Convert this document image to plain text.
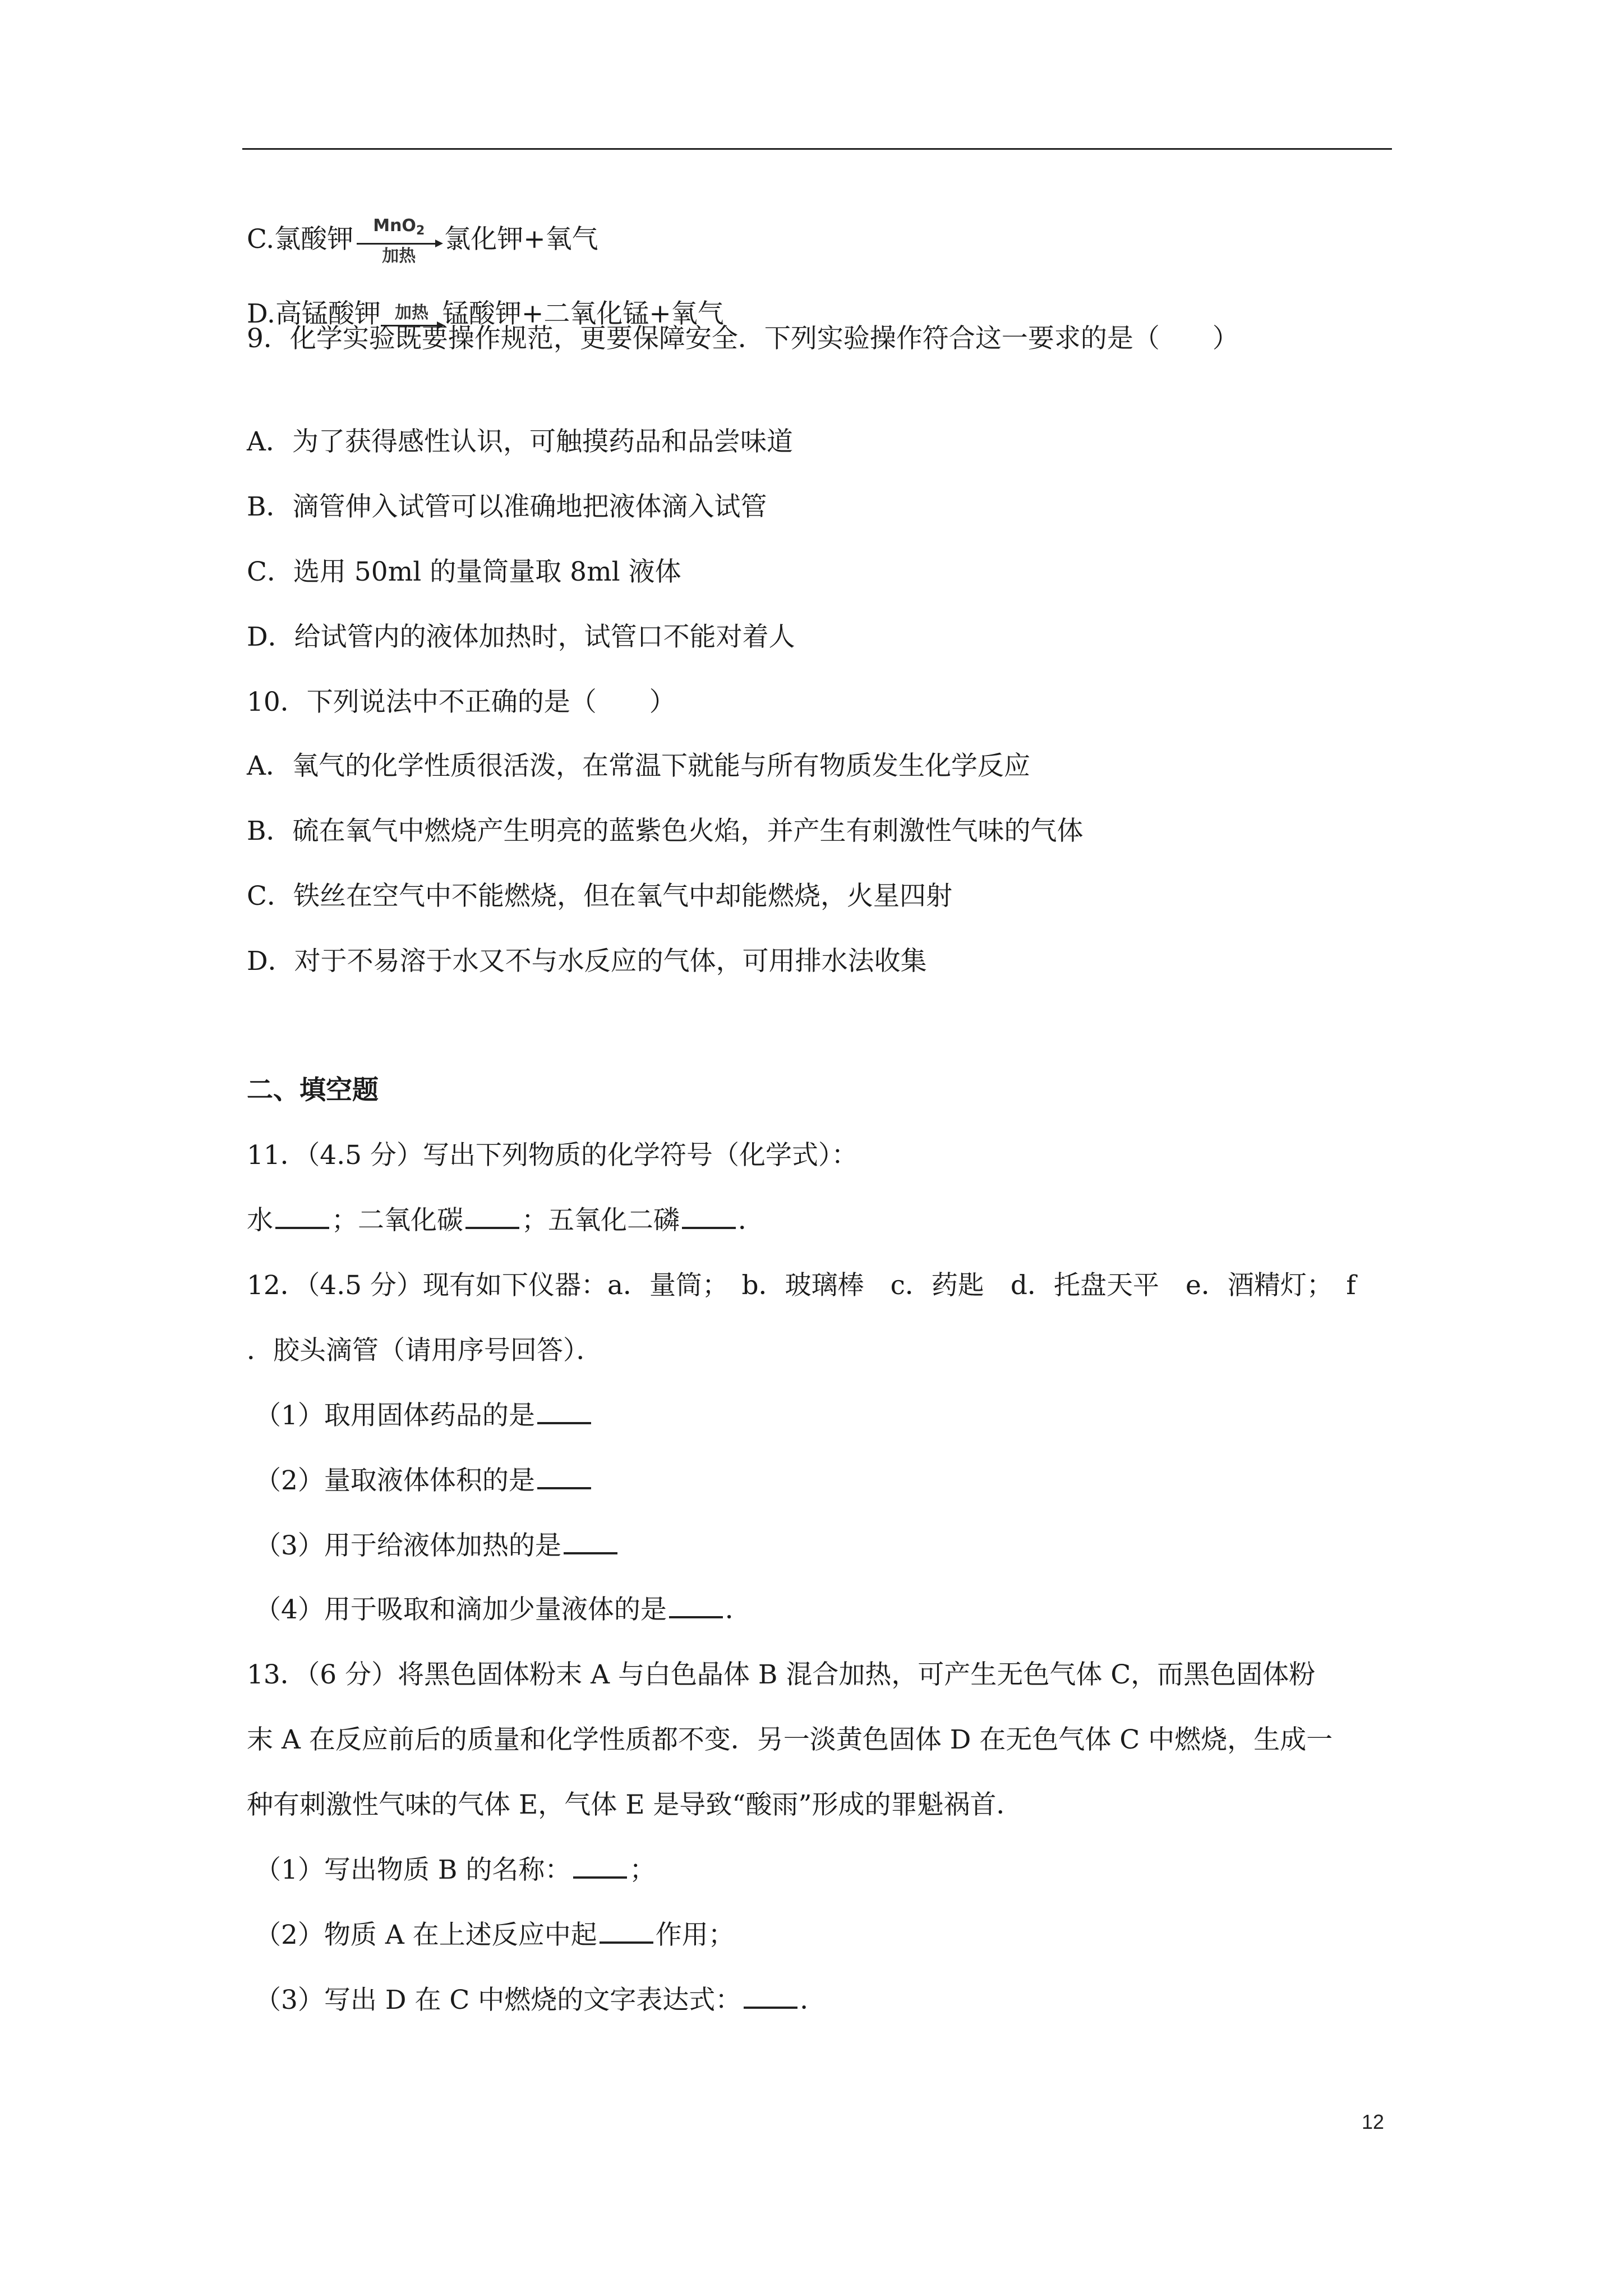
C.氯酸钾 MnO$_2$
加热
氯化钾+氧气
D.高锰酸钾 加热 锰酸钾+二氧化锰+氧气
9．化学实验既要操作规范，更要保障安全．下列实验操作符合这一要求的是（　　）
A．为了获得感性认识，可触摸药品和品尝味道
B．滴管伸入试管可以准确地把液体滴入试管
C．选用 50ml 的量筒量取 8ml 液体
D．给试管内的液体加热时，试管口不能对着人
10．下列说法中不正确的是（　　）
A．氧气的化学性质很活泼，在常温下就能与所有物质发生化学反应
B．硫在氧气中燃烧产生明亮的蓝紫色火焰，并产生有刺激性气味的气体
C．铁丝在空气中不能燃烧，但在氧气中却能燃烧，火星四射
D．对于不易溶于水又不与水反应的气体，可用排水法收集
二、填空题
11．（4.5 分）写出下列物质的化学符号（化学式）：
水 ；二氧化碳 ；五氧化二磷 ．
12．（4.5 分）现有如下仪器：a．量筒；　b．玻璃棒　c．药匙　d．托盘天平　e．酒精灯；　f
．胶头滴管（请用序号回答）．
（1）取用固体药品的是
（2）量取液体体积的是
（3）用于给液体加热的是
（4）用于吸取和滴加少量液体的是 ．
13．（6 分）将黑色固体粉末 A 与白色晶体 B 混合加热，可产生无色气体 C，而黑色固体粉
末 A 在反应前后的质量和化学性质都不变．另一淡黄色固体 D 在无色气体 C 中燃烧，生成一
种有刺激性气味的气体 E，气体 E 是导致“酸雨”形成的罪魁祸首．
（1）写出物质 B 的名称： ；
（2）物质 A 在上述反应中起 作用；
（3）写出 D 在 C 中燃烧的文字表达式： ．
12
